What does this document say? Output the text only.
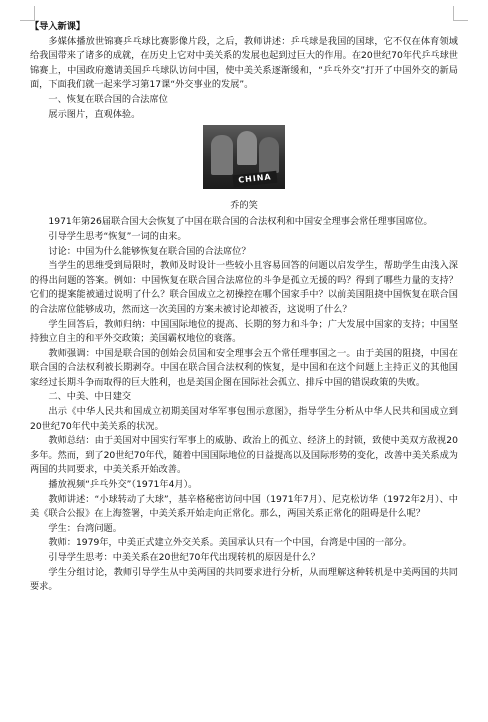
【导入新课】

多媒体播放世锦赛乒乓球比赛影像片段，之后，教师讲述：乒乓球是我国的国球，它不仅在体育领域给我国带来了诸多的成就，在历史上它对中美关系的发展也起到过巨大的作用。在20世纪70年代乒乓球世锦赛上，中国政府邀请美国乒乓球队访问中国，使中美关系逐渐缓和，“乒乓外交”打开了中国外交的新局面，下面我们就一起来学习第17课“外交事业的发展”。

一、恢复在联合国的合法席位

展示图片，直观体验。

CHINA

乔的笑

1971年第26届联合国大会恢复了中国在联合国的合法权利和中国安全理事会常任理事国席位。

引导学生思考“恢复”一词的由来。

讨论：中国为什么能够恢复在联合国的合法席位？

当学生的思维受到局限时，教师及时设计一些较小且容易回答的问题以启发学生，帮助学生由浅入深的得出问题的答案。例如：中国恢复在联合国合法席位的斗争是孤立无援的吗？得到了哪些力量的支持？它们的提案能被通过说明了什么？联合国成立之初操控在哪个国家手中？以前美国阻挠中国恢复在联合国的合法席位能够成功，然而这一次美国的方案未被讨论却被否，这说明了什么？

学生回答后，教师归纳：中国国际地位的提高、长期的努力和斗争；广大发展中国家的支持；中国坚持独立自主的和平外交政策；美国霸权地位的衰落。

教师强调：中国是联合国的创始会员国和安全理事会五个常任理事国之一。由于美国的阻挠，中国在联合国的合法权利被长期剥夺。中国在联合国合法权利的恢复，是中国和在这个问题上主持正义的其他国家经过长期斗争而取得的巨大胜利，也是美国企图在国际社会孤立、排斥中国的错误政策的失败。

二、中美、中日建交

出示《中华人民共和国成立初期美国对华军事包围示意图》，指导学生分析从中华人民共和国成立到20世纪70年代中美关系的状况。

教师总结：由于美国对中国实行军事上的威胁、政治上的孤立、经济上的封锁，致使中美双方敌视20多年。然而，到了20世纪70年代，随着中国国际地位的日益提高以及国际形势的变化，改善中美关系成为两国的共同要求，中美关系开始改善。

播放视频“乒乓外交”（1971年4月）。

教师讲述：“小球转动了大球”，基辛格秘密访问中国（1971年7月）、尼克松访华（1972年2月）、中美《联合公报》在上海签署，中美关系开始走向正常化。那么，两国关系正常化的阻碍是什么呢？

学生：台湾问题。

教师：1979年，中美正式建立外交关系。美国承认只有一个中国，台湾是中国的一部分。

引导学生思考：中美关系在20世纪70年代出现转机的原因是什么？

学生分组讨论，教师引导学生从中美两国的共同要求进行分析，从而理解这种转机是中美两国的共同要求。
